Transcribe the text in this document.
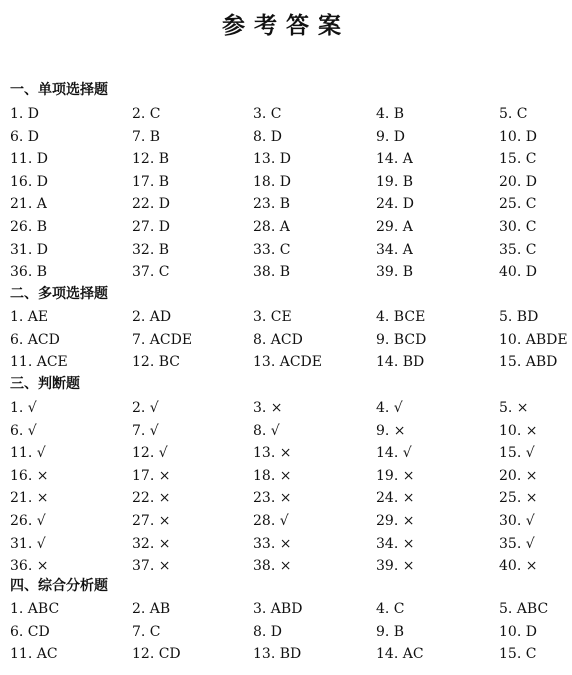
参考答案
一、单项选择题
1. D	2. C	3. C	4. B	5. C
6. D	7. B	8. D	9. D	10. D
11. D	12. B	13. D	14. A	15. C
16. D	17. B	18. D	19. B	20. D
21. A	22. D	23. B	24. D	25. C
26. B	27. D	28. A	29. A	30. C
31. D	32. B	33. C	34. A	35. C
36. B	37. C	38. B	39. B	40. D
二、多项选择题
1. AE	2. AD	3. CE	4. BCE	5. BD
6. ACD	7. ACDE	8. ACD	9. BCD	10. ABDE
11. ACE	12. BC	13. ACDE	14. BD	15. ABD
三、判断题
1. √	2. √	3. ×	4. √	5. ×
6. √	7. √	8. √	9. ×	10. ×
11. √	12. √	13. ×	14. √	15. √
16. ×	17. ×	18. ×	19. ×	20. ×
21. ×	22. ×	23. ×	24. ×	25. ×
26. √	27. ×	28. √	29. ×	30. √
31. √	32. ×	33. ×	34. ×	35. √
36. ×	37. ×	38. ×	39. ×	40. ×
四、综合分析题
1. ABC	2. AB	3. ABD	4. C	5. ABC
6. CD	7. C	8. D	9. B	10. D
11. AC	12. CD	13. BD	14. AC	15. C
